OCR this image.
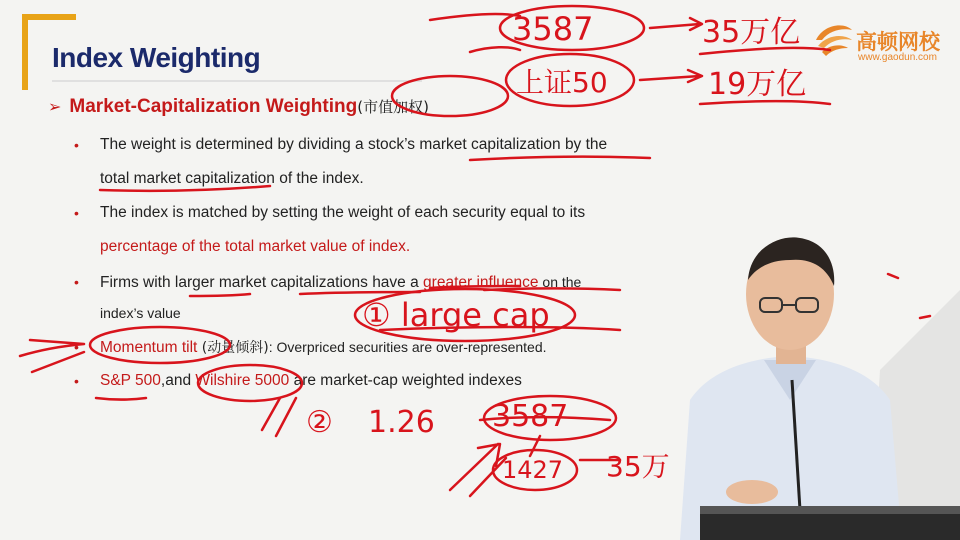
Index Weighting	高顿网校
www.gaodun.com
➢ Market-Capitalization Weighting(市值加权)
• The weight is determined by dividing a stock’s market capitalization by the
total market capitalization of the index.
• The index is matched by setting the weight of each security equal to its
percentage of the total market value of index.
• Firms with larger market capitalizations have a greater influence on the
index’s value
• Momentum tilt (动量倾斜): Overpriced securities are over-represented.
• S&P 500,and Wilshire 5000 are market-cap weighted indexes
3587	35万亿
上证50	19万亿
① large cap
② 1.26 3587
1427 35万
